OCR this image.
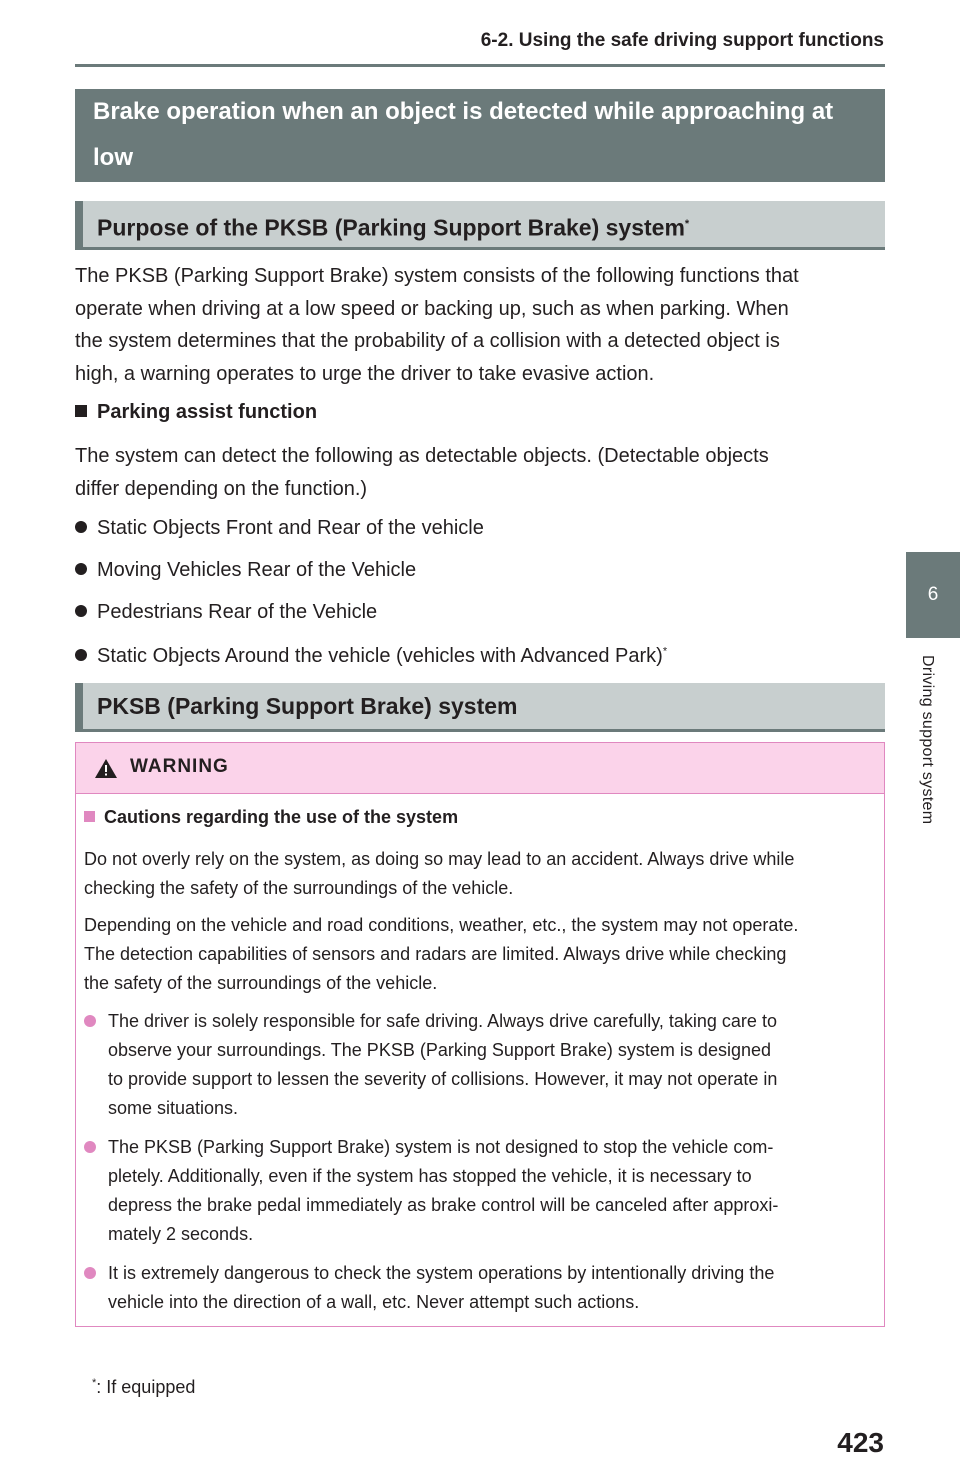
6-2. Using the safe driving support functions
6
Driving support system
Brake operation when an object is detected while approaching at low
Purpose of the PKSB (Parking Support Brake) system*
The PKSB (Parking Support Brake) system consists of the following functions that
operate when driving at a low speed or backing up, such as when parking. When
the system determines that the probability of a collision with a detected object is
high, a warning operates to urge the driver to take evasive action.
Parking assist function
The system can detect the following as detectable objects. (Detectable objects
differ depending on the function.)
Static Objects Front and Rear of the vehicle
Moving Vehicles Rear of the Vehicle
Pedestrians Rear of the Vehicle
Static Objects Around the vehicle (vehicles with Advanced Park)*
PKSB (Parking Support Brake) system
WARNING
Cautions regarding the use of the system
Do not overly rely on the system, as doing so may lead to an accident. Always drive while
checking the safety of the surroundings of the vehicle.
Depending on the vehicle and road conditions, weather, etc., the system may not operate.
The detection capabilities of sensors and radars are limited. Always drive while checking
the safety of the surroundings of the vehicle.
The driver is solely responsible for safe driving. Always drive carefully, taking care to
observe your surroundings. The PKSB (Parking Support Brake) system is designed
to provide support to lessen the severity of collisions. However, it may not operate in
some situations.
The PKSB (Parking Support Brake) system is not designed to stop the vehicle com-
pletely. Additionally, even if the system has stopped the vehicle, it is necessary to
depress the brake pedal immediately as brake control will be canceled after approxi-
mately 2 seconds.
It is extremely dangerous to check the system operations by intentionally driving the
vehicle into the direction of a wall, etc. Never attempt such actions.
*: If equipped
423
